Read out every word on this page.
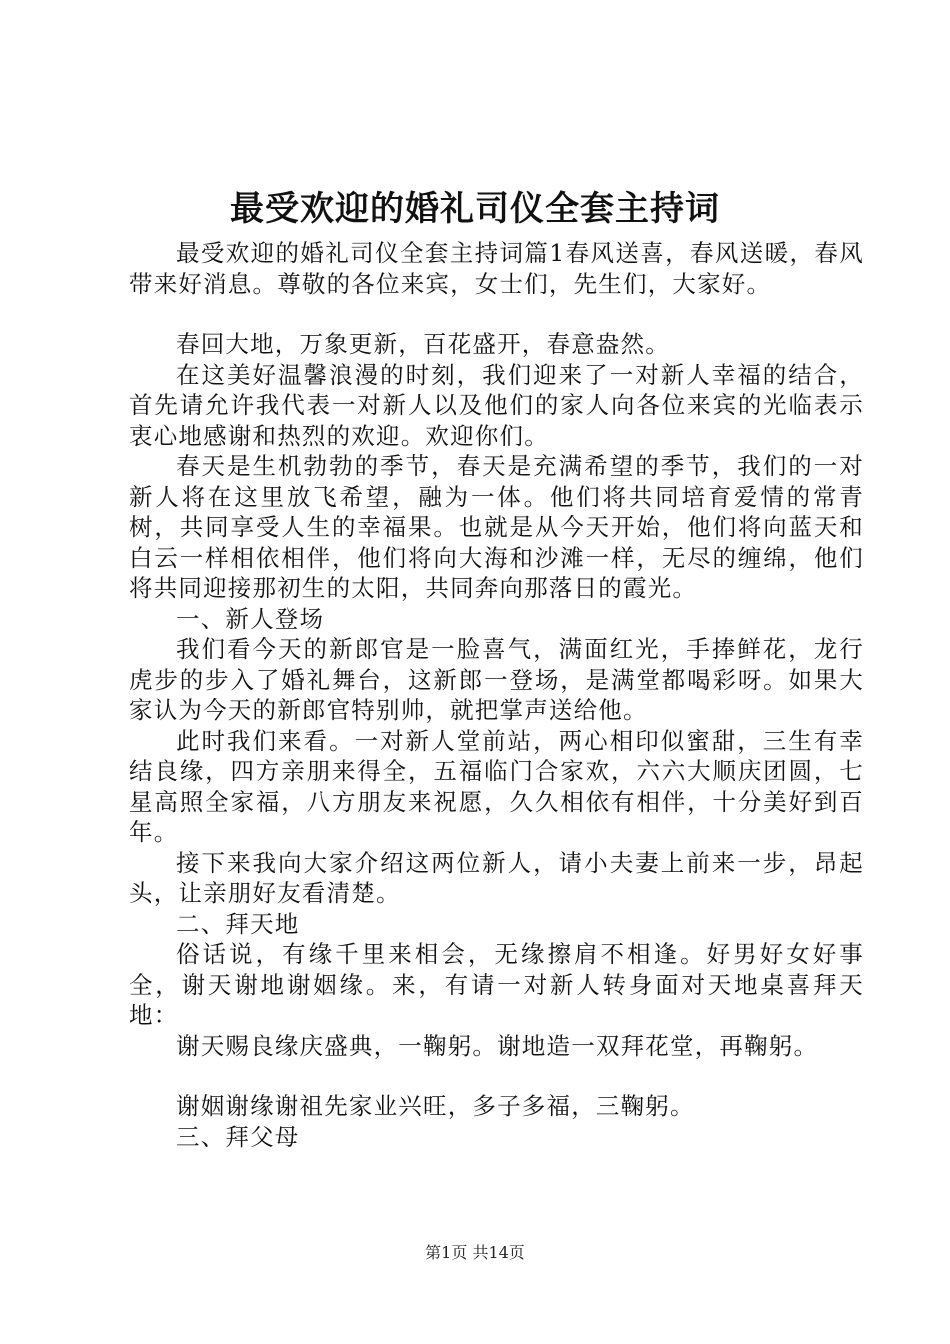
最受欢迎的婚礼司仪全套主持词

最受欢迎的婚礼司仪全套主持词篇1春风送喜，春风送暖，春风带来好消息。尊敬的各位来宾，女士们，先生们，大家好。

春回大地，万象更新，百花盛开，春意盎然。

在这美好温馨浪漫的时刻，我们迎来了一对新人幸福的结合，首先请允许我代表一对新人以及他们的家人向各位来宾的光临表示衷心地感谢和热烈的欢迎。欢迎你们。

春天是生机勃勃的季节，春天是充满希望的季节，我们的一对新人将在这里放飞希望，融为一体。他们将共同培育爱情的常青树，共同享受人生的幸福果。也就是从今天开始，他们将向蓝天和白云一样相依相伴，他们将向大海和沙滩一样，无尽的缠绵，他们将共同迎接那初生的太阳，共同奔向那落日的霞光。

一、新人登场

我们看今天的新郎官是一脸喜气，满面红光，手捧鲜花，龙行虎步的步入了婚礼舞台，这新郎一登场，是满堂都喝彩呀。如果大家认为今天的新郎官特别帅，就把掌声送给他。

此时我们来看。一对新人堂前站，两心相印似蜜甜，三生有幸结良缘，四方亲朋来得全，五福临门合家欢，六六大顺庆团圆，七星高照全家福，八方朋友来祝愿，久久相依有相伴，十分美好到百年。

接下来我向大家介绍这两位新人，请小夫妻上前来一步，昂起头，让亲朋好友看清楚。

二、拜天地

俗话说，有缘千里来相会，无缘擦肩不相逢。好男好女好事全，谢天谢地谢姻缘。来，有请一对新人转身面对天地桌喜拜天地：

谢天赐良缘庆盛典，一鞠躬。谢地造一双拜花堂，再鞠躬。

谢姻谢缘谢祖先家业兴旺，多子多福，三鞠躬。

三、拜父母

第1页 共14页
